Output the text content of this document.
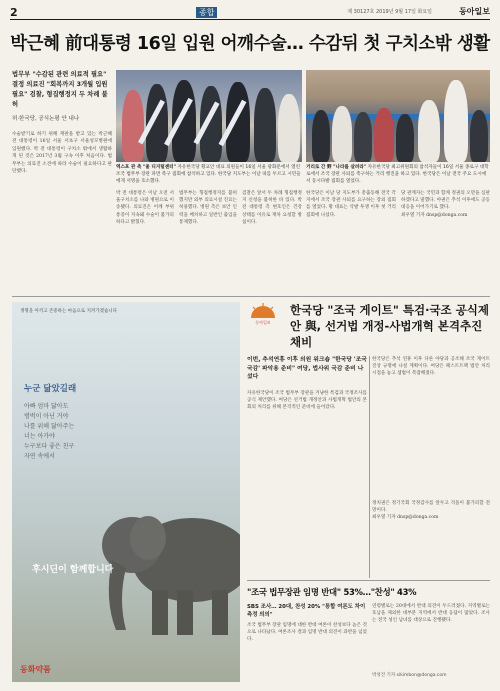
2	종합	제 30127호 2019년 9월 17일 화요일	동아일보
박근혜 前대통령 16일 입원 어깨수술… 수감뒤 첫 구치소밖 생활
법무부 "수감된 관련 의료적 필요" 결정 의료진 "회복까지 3개월 입원 필요" 검찰, 형집행정지 두 차례 불허
허·한국당, 공식논평 안 내나
수술받기로 하기 위해 재판을 받고 있는 박근혜 전 대통령이 16일 서울 서초구 서울성모병원에 입원했다. 박 전 대통령이 구치소 밖에서 생활하게 된 것은 2017년 3월 구속 이후 처음이다. 법무부는 의료진 소견에 따라 수술이 필요하다고 판단했다.
엑스포 관 측 "울 디지털센터" 자유한국당 황교안 대표 의원들이 16일 서울 광화문에서 열린 조국 법무부 장관 파면 촉구 집회에 참석하고 있다. 한국당 지도부는 이날 띠를 두르고 시민들에게 서명을 호소했다.
거리로 간 野 "나라를 살려라" 자유한국당 최고위원회의 참석자들이 16일 서울 종로구 대학로에서 조국 장관 사퇴를 촉구하는 거리 행진을 하고 있다. 한국당은 이날 전국 주요 도시에서 동시다발 집회를 열었다.
박 전 대통령은 이날 오전 서울구치소를 나와 병원으로 이송됐다. 의료진은 어깨 부위 통증이 지속돼 수술이 불가피하다고 밝혔다.
법무부는 형집행정지를 불허했지만 외부 의료시설 진료는 허용했다. 병원 측은 보안 인력을 배치하고 일반인 출입을 통제했다.
검찰은 앞서 두 차례 형집행정지 신청을 불허한 바 있다. 박 전 대통령 측 변호인은 건강 상태를 이유로 재차 요청할 방침이다.
한국당은 이날 당 지도부가 총출동해 전국 각지에서 조국 장관 사퇴를 요구하는 장외 집회를 열었다. 황 대표는 삭발 투쟁 이후 첫 거리 집회에 나섰다.
당 관계자는 국민과 함께 정권의 오만을 심판하겠다고 말했다. 야권은 추석 이후에도 공동 대응을 이어가기로 했다.
최우열 기자 dnsp@donga.com
생명을 아끼고 존중하는 마음으로 지켜가겠습니다
누군 닮았길래
아빠 엄마 닮아도
범벅이 아닌 거야
나를 위해 닮아주는
너는 아가야
누구보다 좋은 친구
자연 속에서
후시딘이 함께합니다
동화약품
동아일보
한국당 "조국 게이트" 특검·국조 공식제안 與, 선거법 개정-사법개혁 본격추진 채비
이번, 추석연휴 이후 의원 워크숍 "한국당 '조국 국감' 파악용 준비" 여당, 법사위 국감 준비 나섰다
자유한국당이 조국 법무부 장관을 겨냥한 특검과 국정조사를 공식 제안했다. 여당은 선거법 개정안과 사법개혁 법안의 본회의 처리를 위해 본격적인 준비에 들어갔다.
한국당은 추석 연휴 이후 다른 야당과 공조해 조국 게이트 진상 규명에 나설 계획이다. 여당은 패스트트랙 법안 처리 시점을 놓고 셈법이 복잡해졌다.
정치권은 정기국회 국정감사를 앞두고 격돌이 불가피할 전망이다.
최우열 기자 dnsp@donga.com
"조국 법무장관 임명 반대" 53%…"찬성" 43%
SBS 조사… 20대, 찬성 20% "통합 여론도 차이 측정 의의"
조국 법무부 장관 임명에 대한 반대 여론이 찬성보다 높은 것으로 나타났다. 여론조사 결과 임명 반대 의견이 과반을 넘었다.
연령별로는 20대에서 반대 의견이 두드러졌다. 지역별로는 호남을 제외한 대부분 지역에서 반대 응답이 많았다. 조사는 전국 성인 남녀를 대상으로 진행됐다.
박성진 기자 sikimbon@donga.com
